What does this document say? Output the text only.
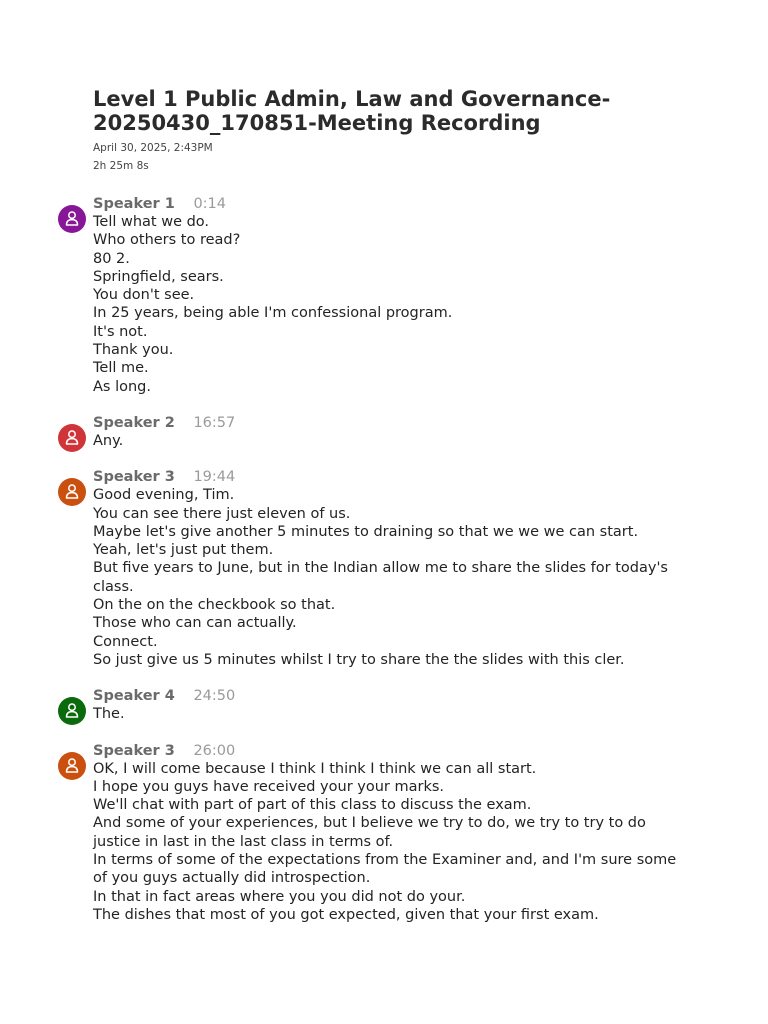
Level 1 Public Admin, Law and Governance-20250430_170851-Meeting Recording
April 30, 2025, 2:43PM
2h 25m 8s
Speaker 1 0:14
Tell what we do.
Who others to read?
80 2.
Springfield, sears.
You don't see.
In 25 years, being able I'm confessional program.
It's not.
Thank you.
Tell me.
As long.
Speaker 2 16:57
Any.
Speaker 3 19:44
Good evening, Tim.
You can see there just eleven of us.
Maybe let's give another 5 minutes to draining so that we we we can start.
Yeah, let's just put them.
But five years to June, but in the Indian allow me to share the slides for today's class.
On the on the checkbook so that.
Those who can can actually.
Connect.
So just give us 5 minutes whilst I try to share the the slides with this cler.
Speaker 4 24:50
The.
Speaker 3 26:00
OK, I will come because I think I think I think we can all start.
I hope you guys have received your your marks.
We'll chat with part of part of this class to discuss the exam.
And some of your experiences, but I believe we try to do, we try to try to do justice in last in the last class in terms of.
In terms of some of the expectations from the Examiner and, and I'm sure some of you guys actually did introspection.
In that in fact areas where you you did not do your.
The dishes that most of you got expected, given that your first exam.
